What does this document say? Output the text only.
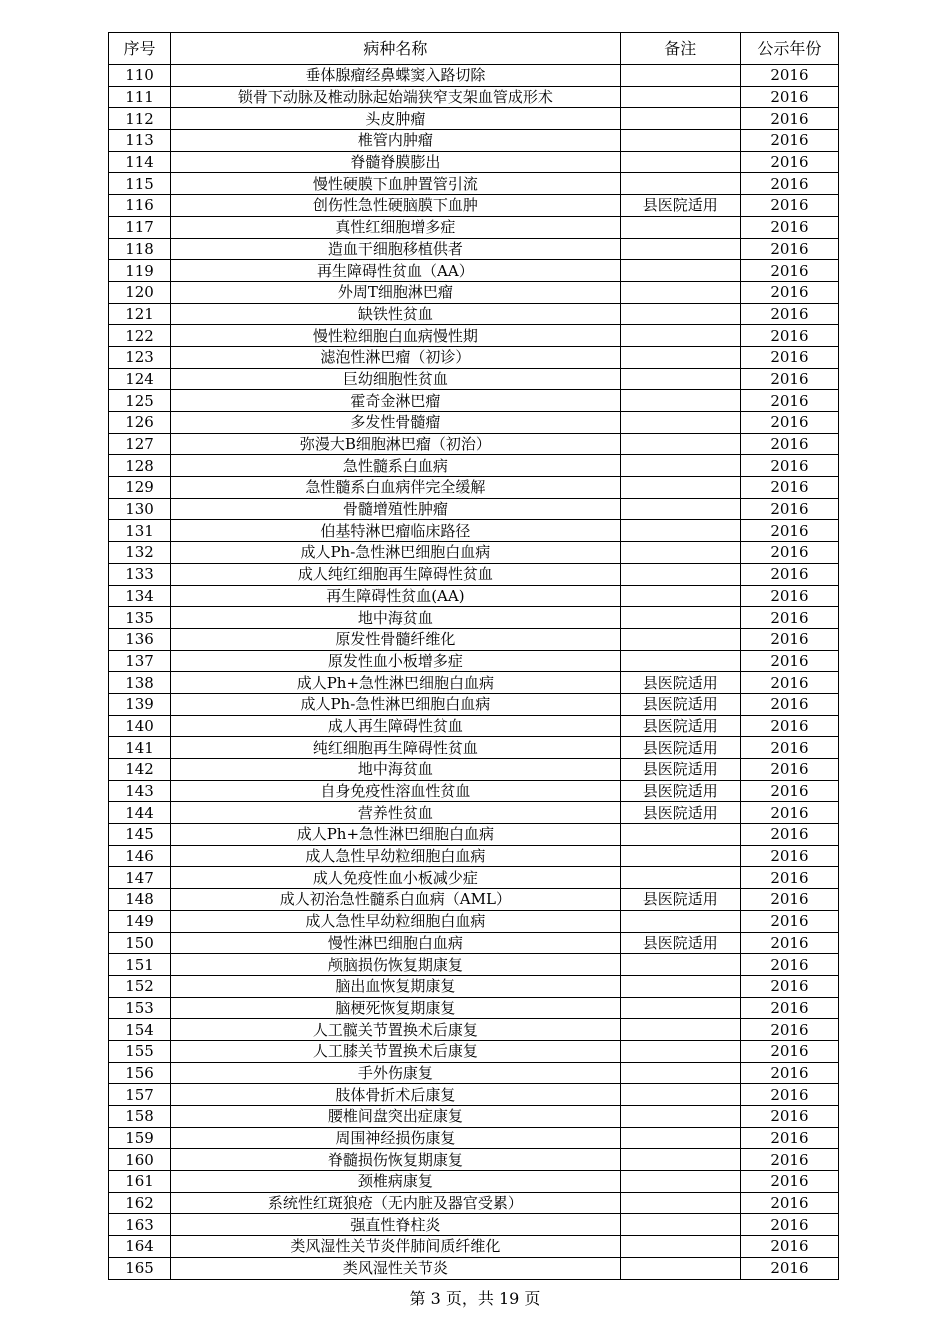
序号	病种名称	备注	公示年份
110	垂体腺瘤经鼻蝶窦入路切除		2016
111	锁骨下动脉及椎动脉起始端狭窄支架血管成形术		2016
112	头皮肿瘤		2016
113	椎管内肿瘤		2016
114	脊髓脊膜膨出		2016
115	慢性硬膜下血肿置管引流		2016
116	创伤性急性硬脑膜下血肿	县医院适用	2016
117	真性红细胞增多症		2016
118	造血干细胞移植供者		2016
119	再生障碍性贫血（AA）		2016
120	外周T细胞淋巴瘤		2016
121	缺铁性贫血		2016
122	慢性粒细胞白血病慢性期		2016
123	滤泡性淋巴瘤（初诊）		2016
124	巨幼细胞性贫血		2016
125	霍奇金淋巴瘤		2016
126	多发性骨髓瘤		2016
127	弥漫大B细胞淋巴瘤（初治）		2016
128	急性髓系白血病		2016
129	急性髓系白血病伴完全缓解		2016
130	骨髓增殖性肿瘤		2016
131	伯基特淋巴瘤临床路径		2016
132	成人Ph-急性淋巴细胞白血病		2016
133	成人纯红细胞再生障碍性贫血		2016
134	再生障碍性贫血(AA)		2016
135	地中海贫血		2016
136	原发性骨髓纤维化		2016
137	原发性血小板增多症		2016
138	成人Ph+急性淋巴细胞白血病	县医院适用	2016
139	成人Ph-急性淋巴细胞白血病	县医院适用	2016
140	成人再生障碍性贫血	县医院适用	2016
141	纯红细胞再生障碍性贫血	县医院适用	2016
142	地中海贫血	县医院适用	2016
143	自身免疫性溶血性贫血	县医院适用	2016
144	营养性贫血	县医院适用	2016
145	成人Ph+急性淋巴细胞白血病		2016
146	成人急性早幼粒细胞白血病		2016
147	成人免疫性血小板减少症		2016
148	成人初治急性髓系白血病（AML）	县医院适用	2016
149	成人急性早幼粒细胞白血病		2016
150	慢性淋巴细胞白血病	县医院适用	2016
151	颅脑损伤恢复期康复		2016
152	脑出血恢复期康复		2016
153	脑梗死恢复期康复		2016
154	人工髋关节置换术后康复		2016
155	人工膝关节置换术后康复		2016
156	手外伤康复		2016
157	肢体骨折术后康复		2016
158	腰椎间盘突出症康复		2016
159	周围神经损伤康复		2016
160	脊髓损伤恢复期康复		2016
161	颈椎病康复		2016
162	系统性红斑狼疮（无内脏及器官受累）		2016
163	强直性脊柱炎		2016
164	类风湿性关节炎伴肺间质纤维化		2016
165	类风湿性关节炎		2016
第 3 页，共 19 页
